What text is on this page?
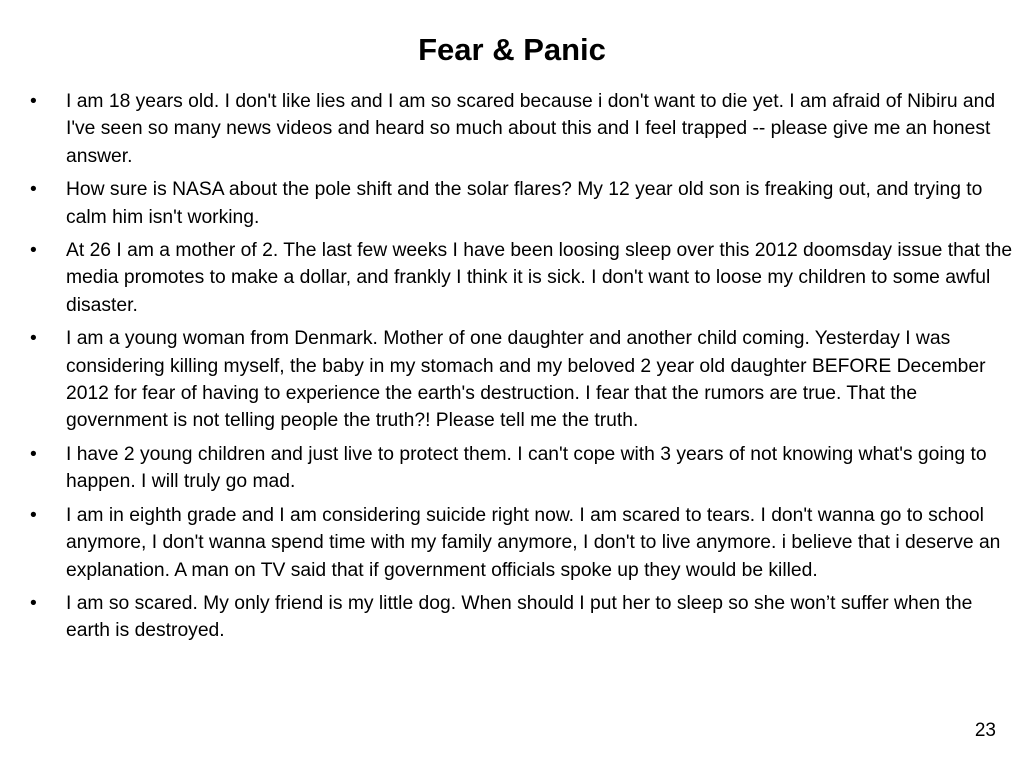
Fear & Panic
•	I am 18 years old. I don't like lies and I am so scared because i don't want to die yet. I am afraid of Nibiru and I've seen so many news videos and heard so much about this and I feel trapped -- please give me an honest answer.
•	How sure is NASA about the pole shift and the solar flares? My 12 year old son is freaking out, and trying to calm him isn't working.
•	At 26 I am a mother of 2. The last few weeks I have been loosing sleep over this 2012 doomsday issue that the media promotes to make a dollar, and frankly I think it is sick. I don't want to loose my children to some awful disaster.
•	I am a young woman from Denmark. Mother of one daughter and another child coming. Yesterday I was considering killing myself, the baby in my stomach and my beloved 2 year old daughter BEFORE December 2012 for fear of having to experience the earth's destruction. I fear that the rumors are true. That the government is not telling people the truth?! Please tell me the truth.
•	I have 2 young children and just live to protect them. I can't cope with 3 years of not knowing what's going to happen. I will truly go mad.
•	I am in eighth grade and I am considering suicide right now. I am scared to tears. I don't wanna go to school anymore, I don't wanna spend time with my family anymore, I don't to live anymore. i believe that i deserve an explanation. A man on TV said that if government officials spoke up they would be killed.
•	I am so scared. My only friend is my little dog. When should I put her to sleep so she won’t suffer when the earth is destroyed.
23
